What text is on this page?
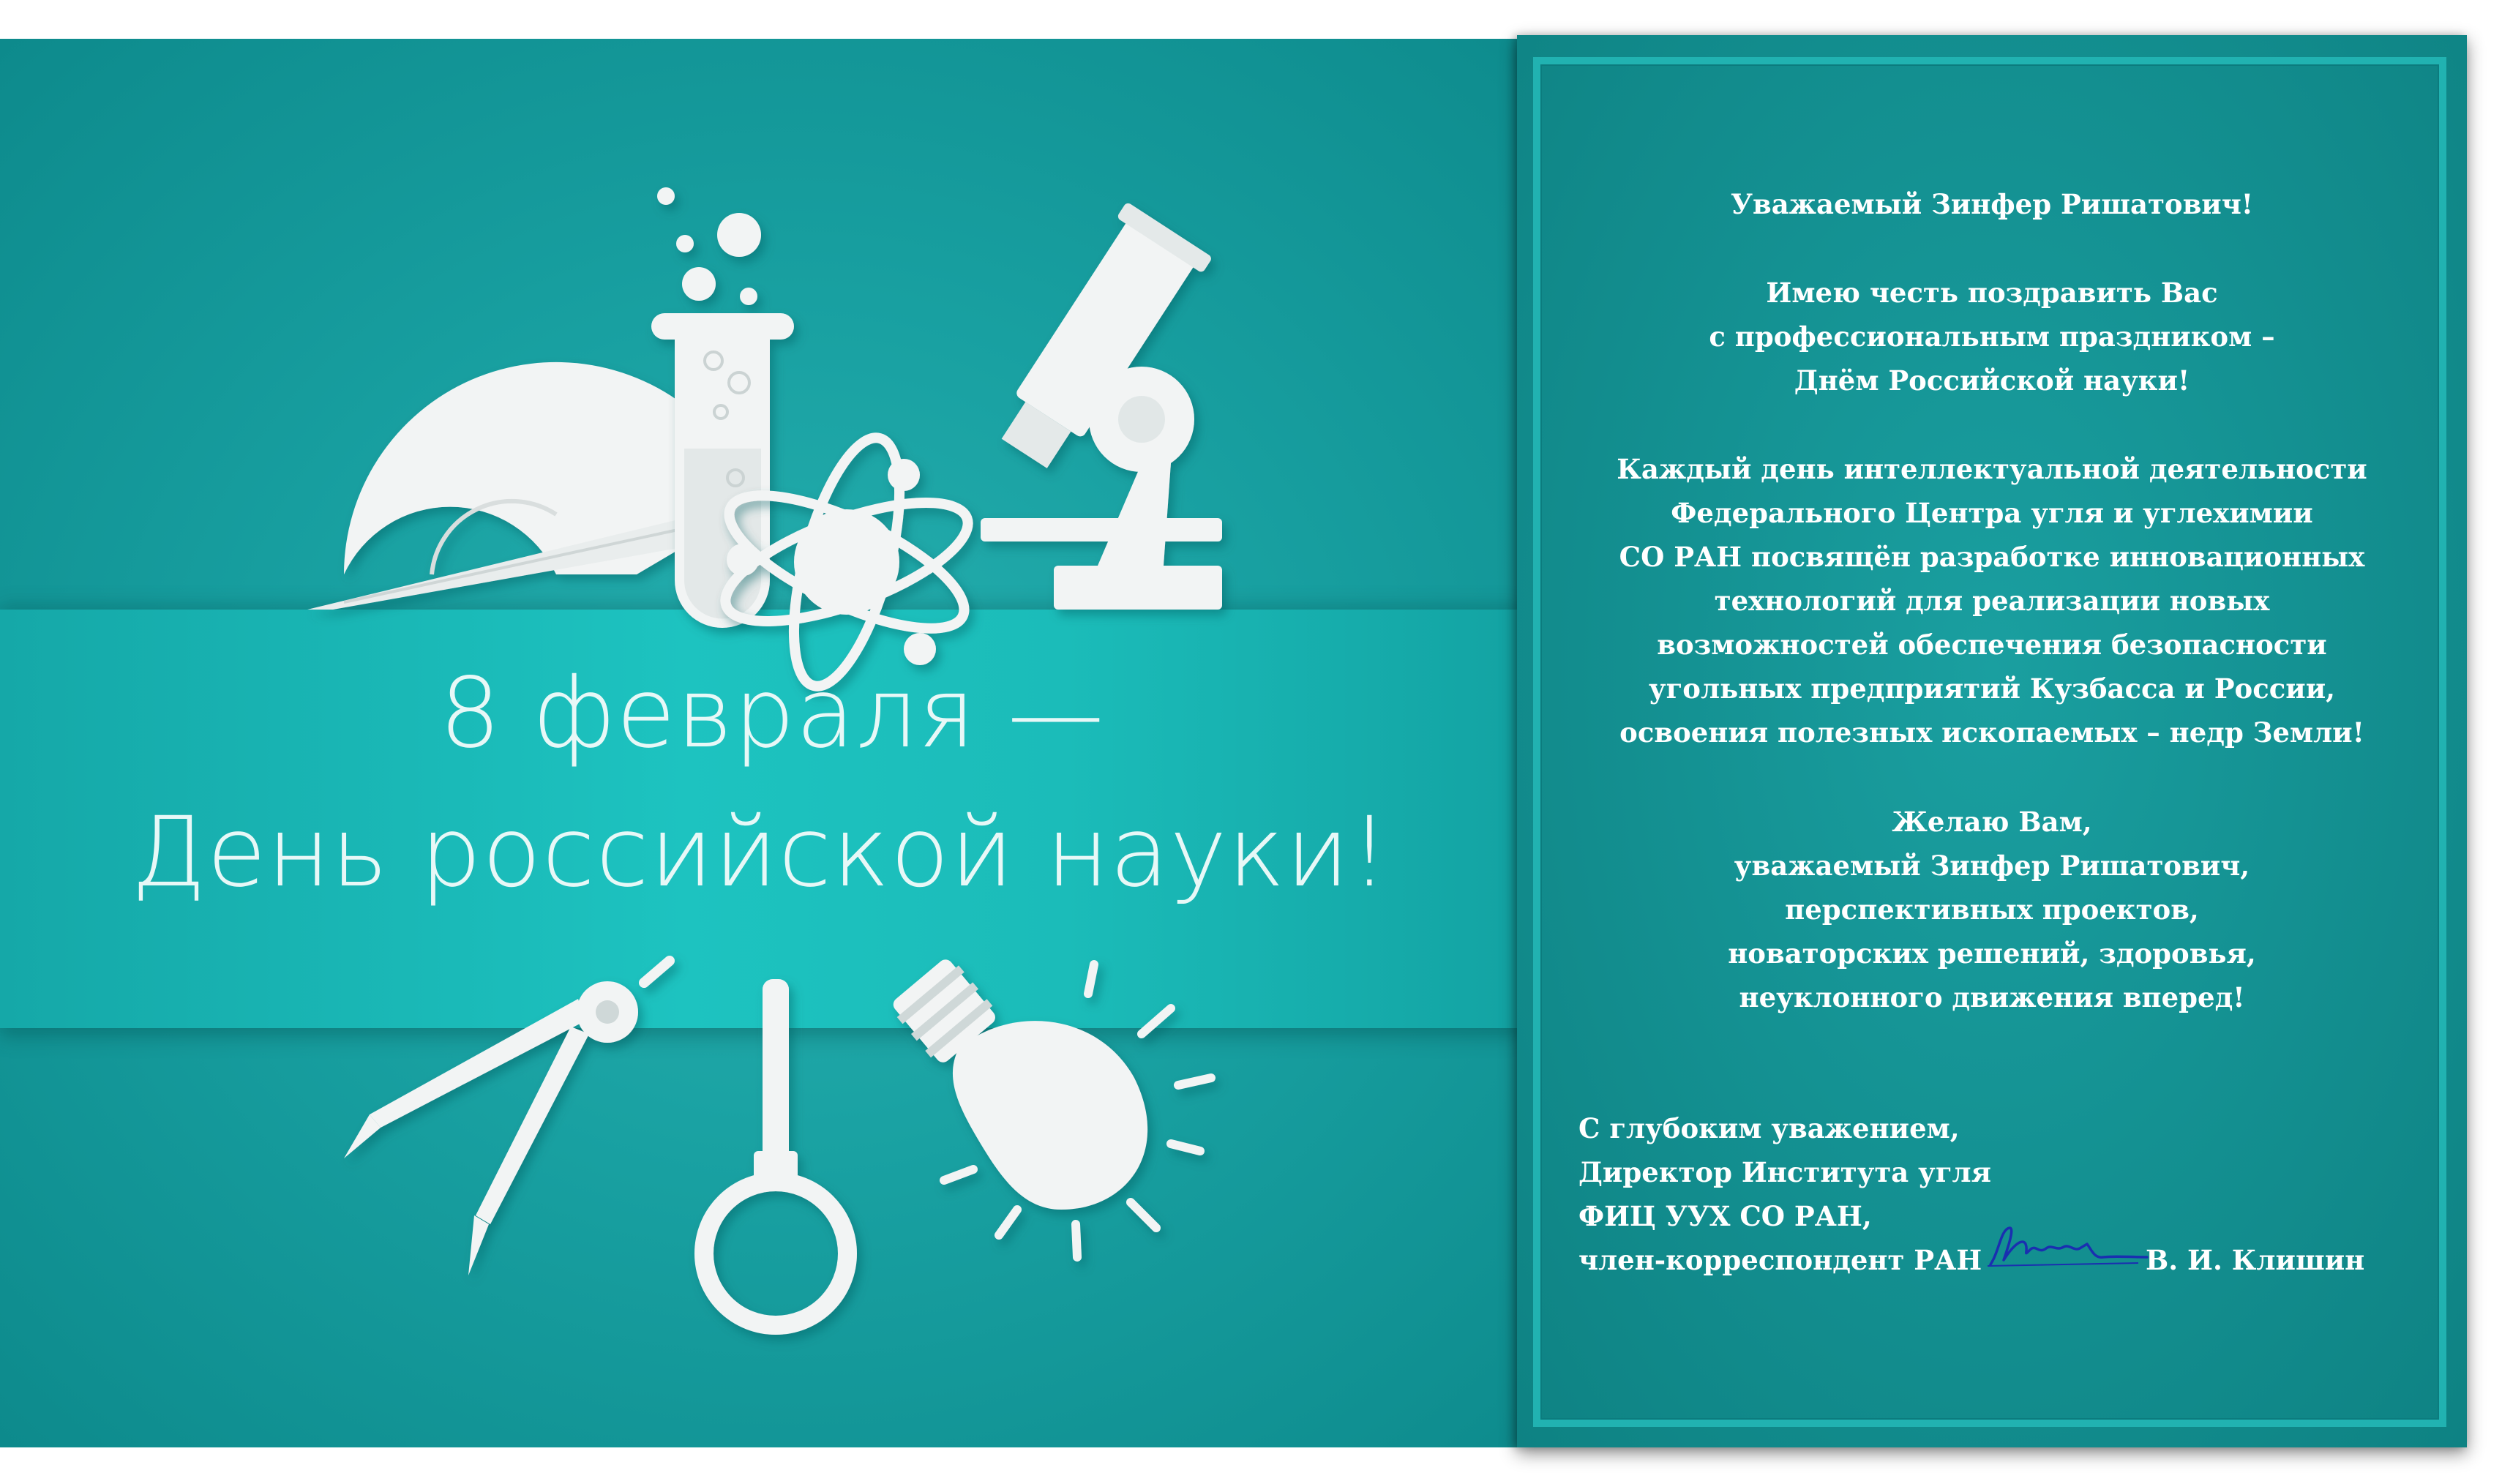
8 февраля —
День российской науки!
Уважаемый Зинфер Ришатович!
Имею честь поздравить Вас
с профессиональным праздником –
Днём Российской науки!
Каждый день интеллектуальной деятельности
Федерального Центра угля и углехимии
СО РАН посвящён разработке инновационных
технологий для реализации новых
возможностей обеспечения безопасности
угольных предприятий Кузбасса и России,
освоения полезных ископаемых – недр Земли!
Желаю Вам,
уважаемый Зинфер Ришатович,
перспективных проектов,
новаторских решений, здоровья,
неуклонного движения вперед!
С глубоким уважением,
Директор Института угля
ФИЦ УУХ СО РАН,
член-корреспондент РАН	В. И. Клишин
